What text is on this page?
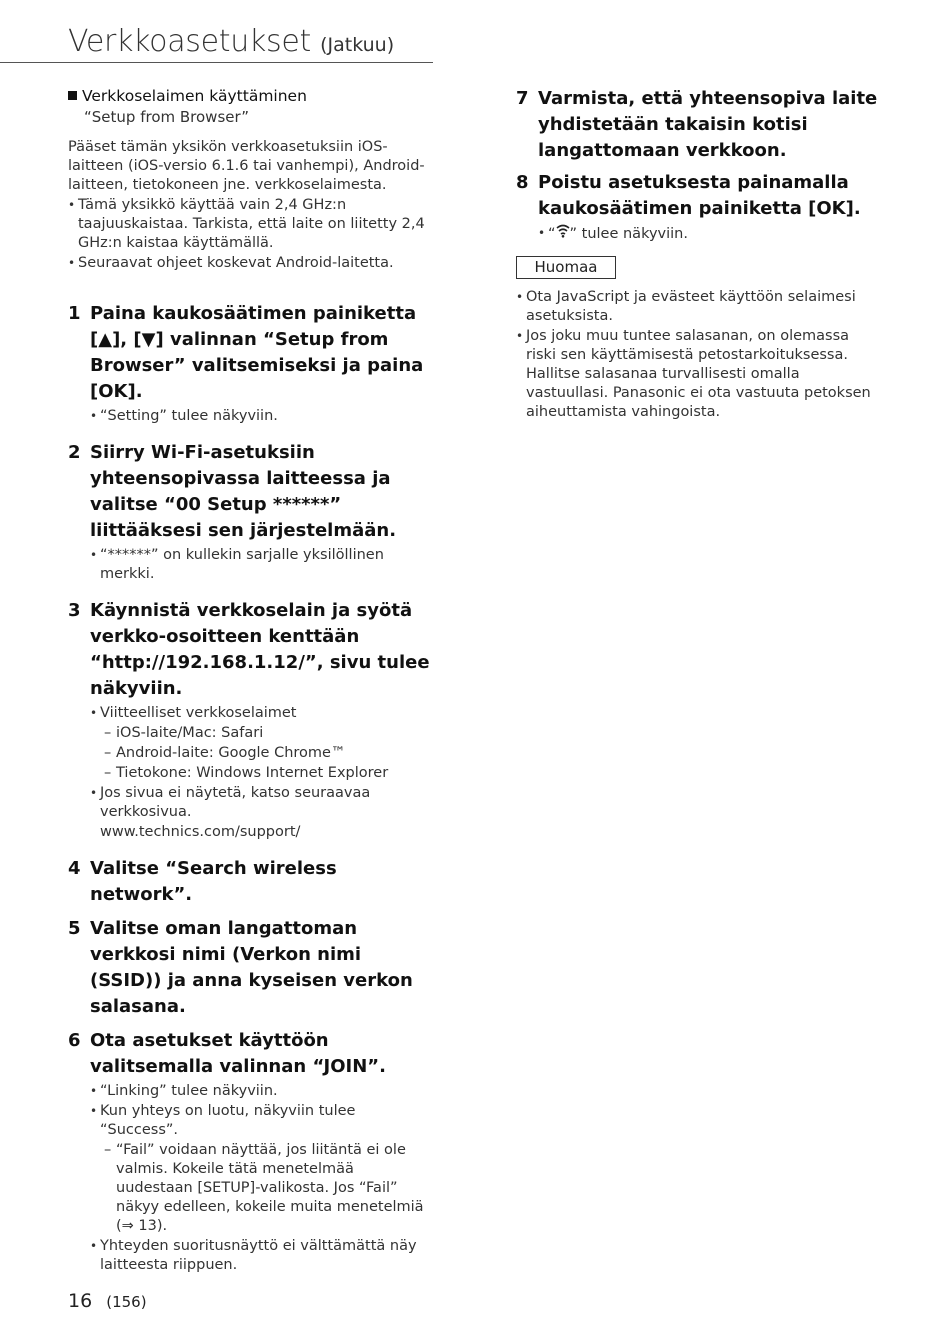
Verkkoasetukset (Jatkuu)
Verkkoselaimen käyttäminen
“Setup from Browser”
Pääset tämän yksikön verkkoasetuksiin iOS-laitteen (iOS-versio 6.1.6 tai vanhempi), Android-laitteen, tietokoneen jne. verkkoselaimesta.
• Tämä yksikkö käyttää vain 2,4 GHz:n taajuuskaistaa. Tarkista, että laite on liitetty 2,4 GHz:n kaistaa käyttämällä.
• Seuraavat ohjeet koskevat Android-laitetta.
1 Paina kaukosäätimen painiketta [▲], [▼] valinnan “Setup from Browser” valitsemiseksi ja paina [OK].
• “Setting” tulee näkyviin.
2 Siirry Wi-Fi-asetuksiin yhteensopivassa laitteessa ja valitse “00 Setup ******” liittääksesi sen järjestelmään.
• “******” on kullekin sarjalle yksilöllinen merkki.
3 Käynnistä verkkoselain ja syötä verkko-osoitteen kenttään “http://192.168.1.12/”, sivu tulee näkyviin.
• Viitteelliset verkkoselaimet
– iOS-laite/Mac: Safari
– Android-laite: Google Chrome™
– Tietokone: Windows Internet Explorer
• Jos sivua ei näytetä, katso seuraavaa verkkosivua.
www.technics.com/support/
4 Valitse “Search wireless network”.
5 Valitse oman langattoman verkkosi nimi (Verkon nimi (SSID)) ja anna kyseisen verkon salasana.
6 Ota asetukset käyttöön valitsemalla valinnan “JOIN”.
• “Linking” tulee näkyviin.
• Kun yhteys on luotu, näkyviin tulee “Success”.
– “Fail” voidaan näyttää, jos liitäntä ei ole valmis. Kokeile tätä menetelmää uudestaan [SETUP]-valikosta. Jos “Fail” näkyy edelleen, kokeile muita menetelmiä (⇒ 13).
• Yhteyden suoritusnäyttö ei välttämättä näy laitteesta riippuen.
7 Varmista, että yhteensopiva laite yhdistetään takaisin kotisi langattomaan verkkoon.
8 Poistu asetuksesta painamalla kaukosäätimen painiketta [OK].
• “ ” tulee näkyviin.
Huomaa
• Ota JavaScript ja evästeet käyttöön selaimesi asetuksista.
• Jos joku muu tuntee salasanan, on olemassa riski sen käyttämisestä petostarkoituksessa. Hallitse salasanaa turvallisesti omalla vastuullasi. Panasonic ei ota vastuuta petoksen aiheuttamista vahingoista.
16 (156)
